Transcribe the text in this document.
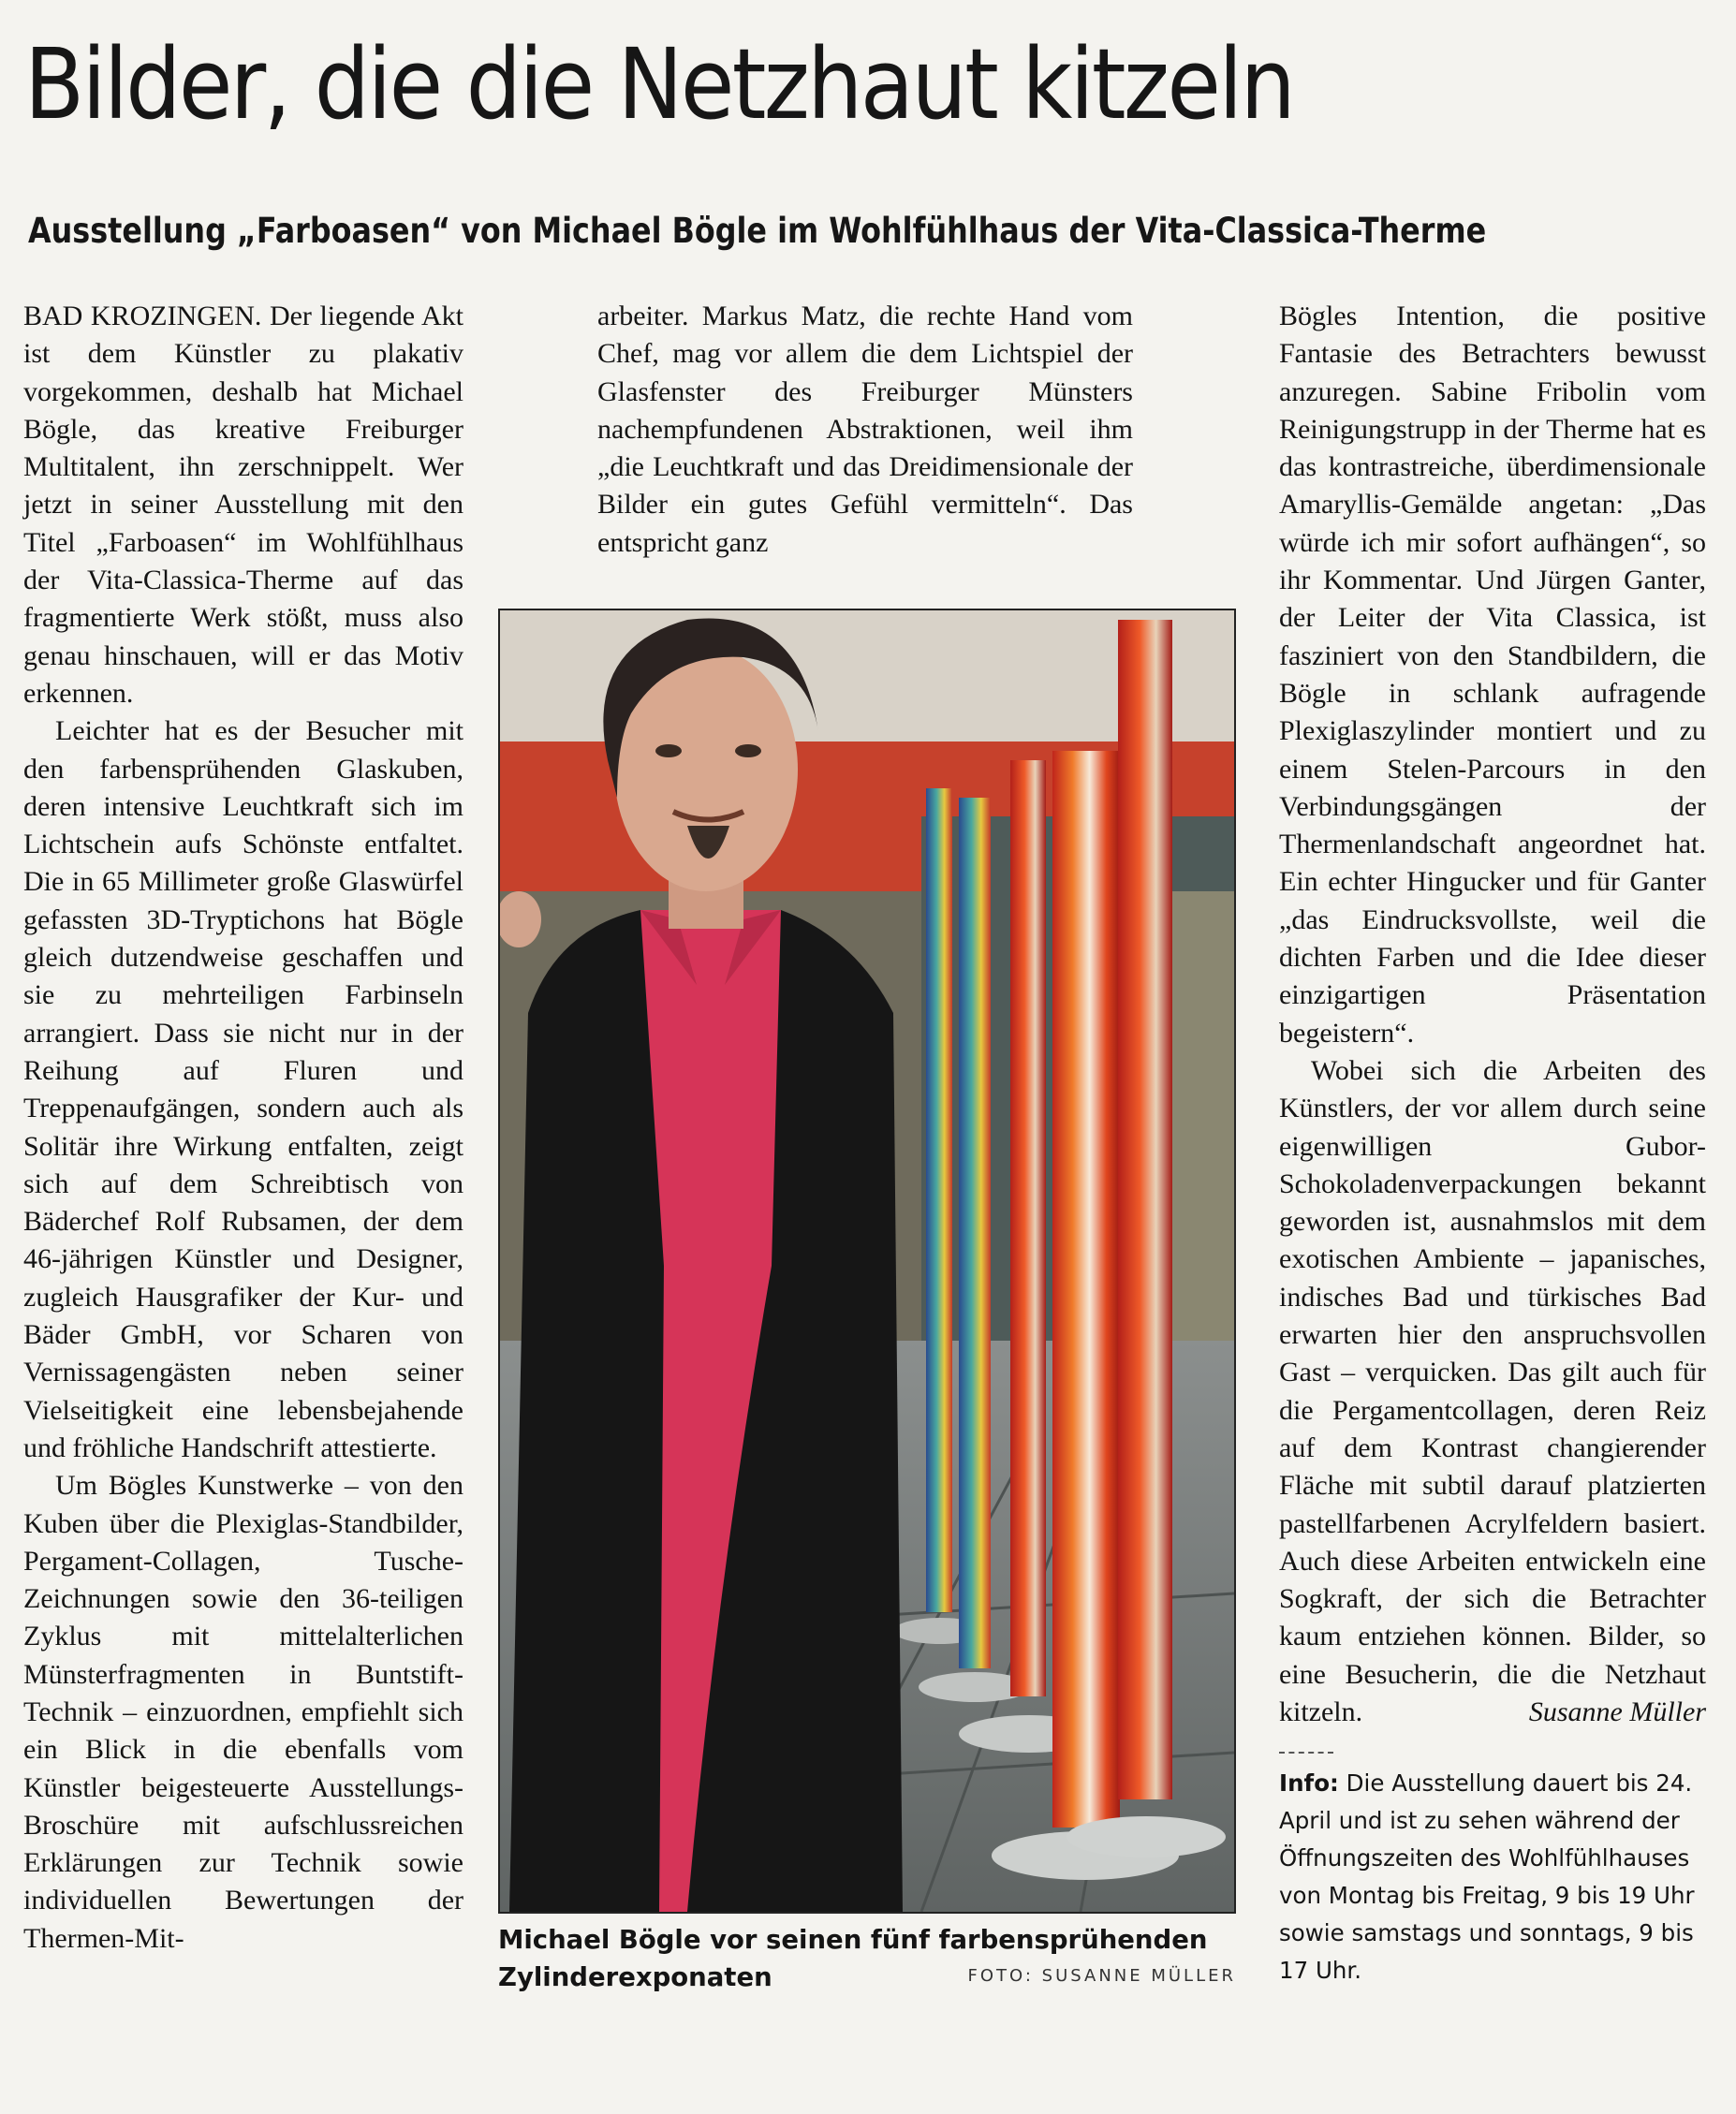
Bilder, die die Netzhaut kitzeln
Ausstellung „Farboasen“ von Michael Bögle im Wohlfühlhaus der Vita-Classica-Therme

BAD KROZINGEN. Der liegende Akt ist dem Künstler zu plakativ vorgekommen, deshalb hat Michael Bögle, das kreative Freiburger Multitalent, ihn zerschnippelt. Wer jetzt in seiner Ausstellung mit den Titel „Farboasen“ im Wohlfühlhaus der Vita-Classica-Therme auf das fragmentierte Werk stößt, muss also genau hinschauen, will er das Motiv erkennen.

Leichter hat es der Besucher mit den farbensprühenden Glaskuben, deren intensive Leuchtkraft sich im Lichtschein aufs Schönste entfaltet. Die in 65 Millimeter große Glaswürfel gefassten 3D-Tryptichons hat Bögle gleich dutzendweise geschaffen und sie zu mehrteiligen Farbinseln arrangiert. Dass sie nicht nur in der Reihung auf Fluren und Treppenaufgängen, sondern auch als Solitär ihre Wirkung entfalten, zeigt sich auf dem Schreibtisch von Bäderchef Rolf Rubsamen, der dem 46-jährigen Künstler und Designer, zugleich Hausgrafiker der Kur- und Bäder GmbH, vor Scharen von Vernissagengästen neben seiner Vielseitigkeit eine lebensbejahende und fröhliche Handschrift attestierte.

Um Bögles Kunstwerke – von den Kuben über die Plexiglas-Standbilder, Pergament-Collagen, Tusche-Zeichnungen sowie den 36-teiligen Zyklus mit mittelalterlichen Münsterfragmenten in Buntstift-Technik – einzuordnen, empfiehlt sich ein Blick in die ebenfalls vom Künstler beigesteuerte Ausstellungs-Broschüre mit aufschlussreichen Erklärungen zur Technik sowie individuellen Bewertungen der Thermen-Mit-

arbeiter. Markus Matz, die rechte Hand vom Chef, mag vor allem die dem Lichtspiel der Glasfenster des Freiburger Münsters nachempfundenen Abstraktionen, weil ihm „die Leuchtkraft und das Dreidimensionale der Bilder ein gutes Gefühl vermitteln“. Das entspricht ganz

Bögles Intention, die positive Fantasie des Betrachters bewusst anzuregen. Sabine Fribolin vom Reinigungstrupp in der Therme hat es das kontrastreiche, überdimensionale Amaryllis-Gemälde angetan: „Das würde ich mir sofort aufhängen“, so ihr Kommentar. Und Jürgen Ganter, der Leiter der Vita Classica, ist fasziniert von den Standbildern, die Bögle in schlank aufragende Plexiglaszylinder montiert und zu einem Stelen-Parcours in den Verbindungsgängen der Thermenlandschaft angeordnet hat. Ein echter Hingucker und für Ganter „das Eindrucksvollste, weil die dichten Farben und die Idee dieser einzigartigen Präsentation begeistern“.

Wobei sich die Arbeiten des Künstlers, der vor allem durch seine eigenwilligen Gubor-Schokoladenverpackungen bekannt geworden ist, ausnahmslos mit dem exotischen Ambiente – japanisches, indisches Bad und türkisches Bad erwarten hier den anspruchsvollen Gast – verquicken. Das gilt auch für die Pergamentcollagen, deren Reiz auf dem Kontrast changierender Fläche mit subtil darauf platzierten pastellfarbenen Acrylfeldern basiert. Auch diese Arbeiten entwickeln eine Sogkraft, der sich die Betrachter kaum entziehen können. Bilder, so eine Besucherin, die die Netzhaut kitzeln.	Susanne Müller

Info: Die Ausstellung dauert bis 24. April und ist zu sehen während der Öffnungszeiten des Wohlfühlhauses von Montag bis Freitag, 9 bis 19 Uhr sowie samstags und sonntags, 9 bis 17 Uhr.
Michael Bögle vor seinen fünf farbensprühenden Zylinderexponaten	FOTO: SUSANNE MÜLLER
